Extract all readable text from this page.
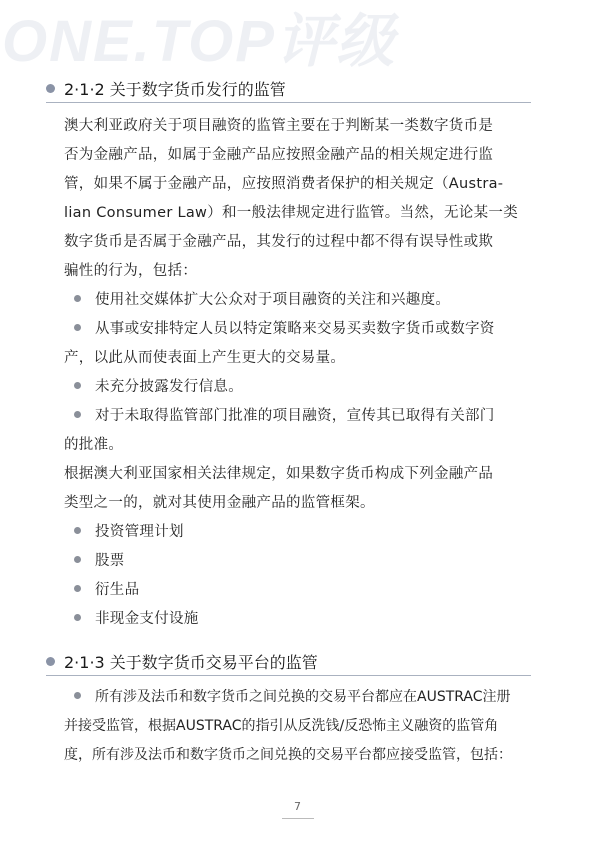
ONE.TOP评级
2·1·2 关于数字货币发行的监管
澳大利亚政府关于项目融资的监管主要在于判断某一类数字货币是
否为金融产品，如属于金融产品应按照金融产品的相关规定进行监
管，如果不属于金融产品，应按照消费者保护的相关规定（Austra-
lian Consumer Law）和一般法律规定进行监管。当然，无论某一类
数字货币是否属于金融产品，其发行的过程中都不得有误导性或欺
骗性的行为，包括：
使用社交媒体扩大公众对于项目融资的关注和兴趣度。
从事或安排特定人员以特定策略来交易买卖数字货币或数字资
产，以此从而使表面上产生更大的交易量。
未充分披露发行信息。
对于未取得监管部门批准的项目融资，宣传其已取得有关部门
的批准。
根据澳大利亚国家相关法律规定，如果数字货币构成下列金融产品
类型之一的，就对其使用金融产品的监管框架。
投资管理计划
股票
衍生品
非现金支付设施
2·1·3 关于数字货币交易平台的监管
所有涉及法币和数字货币之间兑换的交易平台都应在AUSTRAC注册
并接受监管，根据AUSTRAC的指引从反洗钱/反恐怖主义融资的监管角
度，所有涉及法币和数字货币之间兑换的交易平台都应接受监管，包括：
7
